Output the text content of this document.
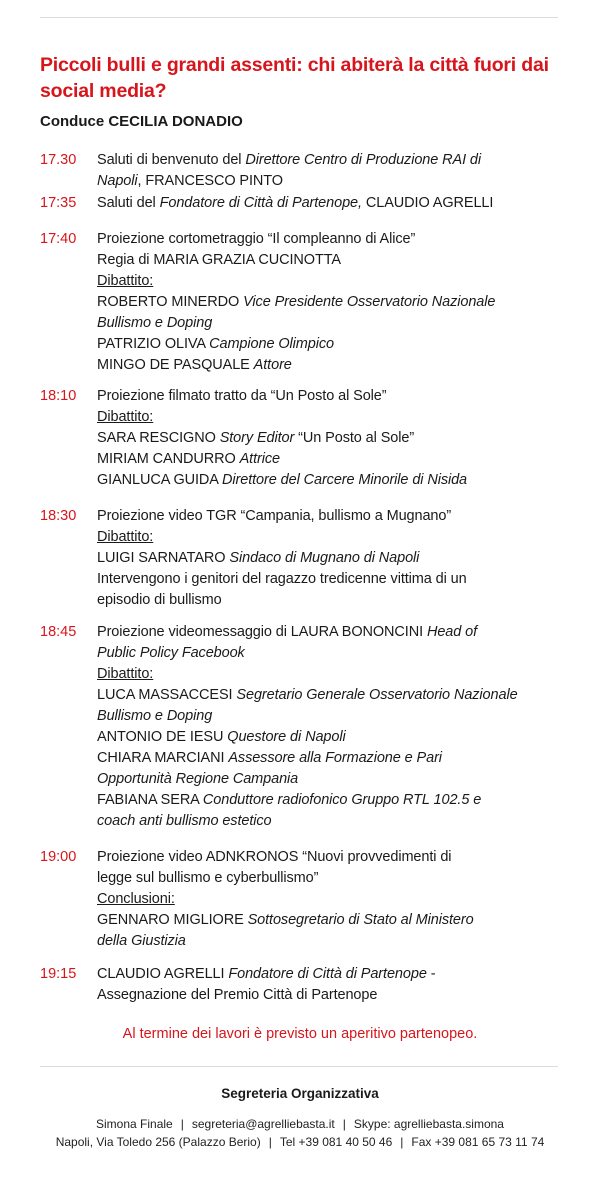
Piccoli bulli e grandi assenti: chi abiterà la città fuori dai social media?

Conduce CECILIA DONADIO

17.30 Saluti di benvenuto del Direttore Centro di Produzione RAI di
Napoli, FRANCESCO PINTO
17:35 Saluti del Fondatore di Città di Partenope, CLAUDIO AGRELLI
17:40 Proiezione cortometraggio “Il compleanno di Alice”
Regia di MARIA GRAZIA CUCINOTTA
Dibattito:
ROBERTO MINERDO Vice Presidente Osservatorio Nazionale
Bullismo e Doping
PATRIZIO OLIVA Campione Olimpico
MINGO DE PASQUALE Attore
18:10 Proiezione filmato tratto da “Un Posto al Sole”
Dibattito:
SARA RESCIGNO Story Editor “Un Posto al Sole”
MIRIAM CANDURRO Attrice
GIANLUCA GUIDA Direttore del Carcere Minorile di Nisida
18:30 Proiezione video TGR “Campania, bullismo a Mugnano”
Dibattito:
LUIGI SARNATARO Sindaco di Mugnano di Napoli
Intervengono i genitori del ragazzo tredicenne vittima di un
episodio di bullismo
18:45 Proiezione videomessaggio di LAURA BONONCINI Head of
Public Policy Facebook
Dibattito:
LUCA MASSACCESI Segretario Generale Osservatorio Nazionale
Bullismo e Doping
ANTONIO DE IESU Questore di Napoli
CHIARA MARCIANI Assessore alla Formazione e Pari
Opportunità Regione Campania
FABIANA SERA Conduttore radiofonico Gruppo RTL 102.5 e
coach anti bullismo estetico
19:00 Proiezione video ADNKRONOS “Nuovi provvedimenti di
legge sul bullismo e cyberbullismo”
Conclusioni:
GENNARO MIGLIORE Sottosegretario di Stato al Ministero
della Giustizia
19:15 CLAUDIO AGRELLI Fondatore di Città di Partenope -
Assegnazione del Premio Città di Partenope
Al termine dei lavori è previsto un aperitivo partenopeo.
Segreteria Organizzativa
Simona Finale | segreteria@agrelliebasta.it | Skype: agrelliebasta.simona
Napoli, Via Toledo 256 (Palazzo Berio) | Tel +39 081 40 50 46 | Fax +39 081 65 73 11 74
